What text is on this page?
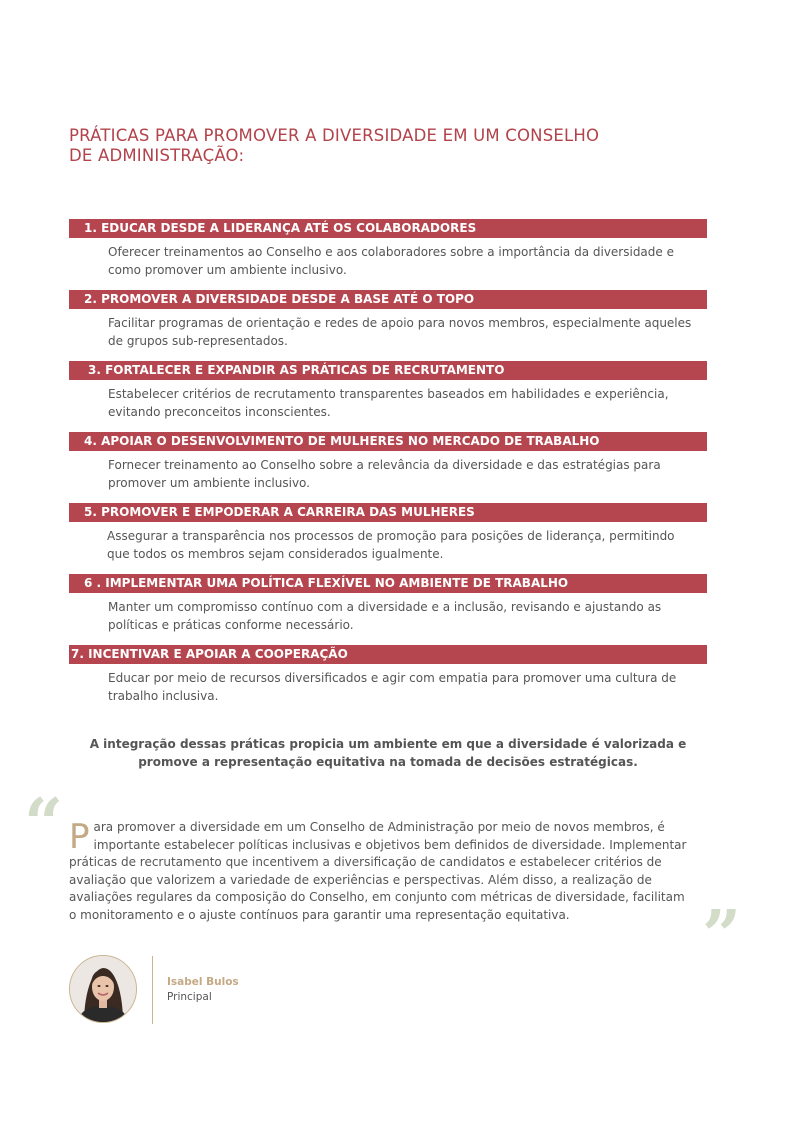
PRÁTICAS PARA PROMOVER A DIVERSIDADE EM UM CONSELHO
DE ADMINISTRAÇÃO:
1. EDUCAR DESDE A LIDERANÇA ATÉ OS COLABORADORES
Oferecer treinamentos ao Conselho e aos colaboradores sobre a importância da diversidade e como promover um ambiente inclusivo.
2. PROMOVER A DIVERSIDADE DESDE A BASE ATÉ O TOPO
Facilitar programas de orientação e redes de apoio para novos membros, especialmente aqueles de grupos sub-representados.
3. FORTALECER E EXPANDIR AS PRÁTICAS DE RECRUTAMENTO
Estabelecer critérios de recrutamento transparentes baseados em habilidades e experiência, evitando preconceitos inconscientes.
4. APOIAR O DESENVOLVIMENTO DE MULHERES NO MERCADO DE TRABALHO
Fornecer treinamento ao Conselho sobre a relevância da diversidade e das estratégias para promover um ambiente inclusivo.
5. PROMOVER E EMPODERAR A CARREIRA DAS MULHERES
Assegurar a transparência nos processos de promoção para posições de liderança, permitindo que todos os membros sejam considerados igualmente.
6 . IMPLEMENTAR UMA POLÍTICA FLEXÍVEL NO AMBIENTE DE TRABALHO
Manter um compromisso contínuo com a diversidade e a inclusão, revisando e ajustando as políticas e práticas conforme necessário.
7. INCENTIVAR E APOIAR A COOPERAÇÃO
Educar por meio de recursos diversificados e agir com empatia para promover uma cultura de trabalho inclusiva.

A integração dessas práticas propicia um ambiente em que a diversidade é valorizada e promove a representação equitativa na tomada de decisões estratégicas.

“ Para promover a diversidade em um Conselho de Administração por meio de novos membros, é importante estabelecer políticas inclusivas e objetivos bem definidos de diversidade. Implementar práticas de recrutamento que incentivem a diversificação de candidatos e estabelecer critérios de avaliação que valorizem a variedade de experiências e perspectivas. Além disso, a realização de avaliações regulares da composição do Conselho, em conjunto com métricas de diversidade, facilitam o monitoramento e o ajuste contínuos para garantir uma representação equitativa.	”
Isabel Bulos
Principal
